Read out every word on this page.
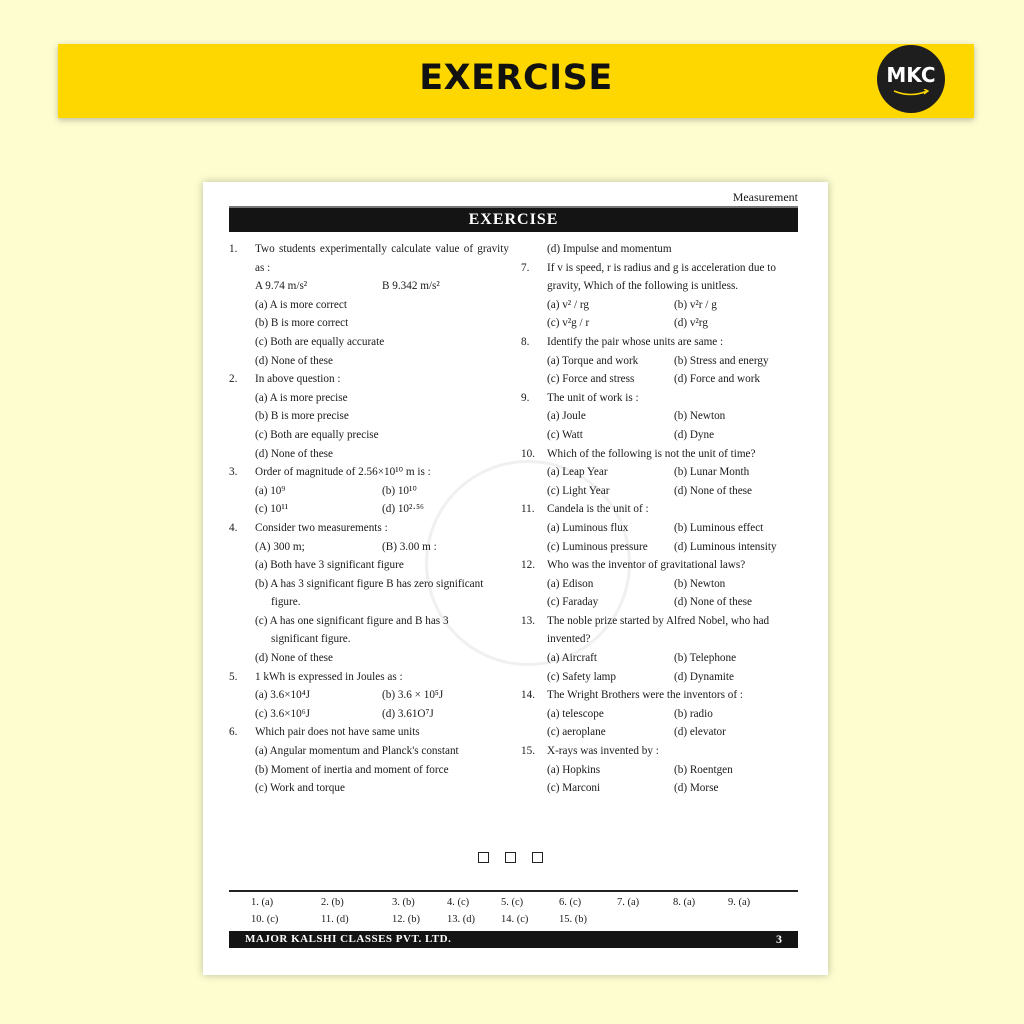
EXERCISE	MKC
Measurement
EXERCISE
1. Two students experimentally calculate value of gravity as :
A 9.74 m/s²	B 9.342 m/s²
(a) A is more correct
(b) B is more correct
(c) Both are equally accurate
(d) None of these
2. In above question :
(a) A is more precise
(b) B is more precise
(c) Both are equally precise
(d) None of these
3. Order of magnitude of 2.56×10¹⁰ m is :
(a) 10⁹	(b) 10¹⁰
(c) 10¹¹	(d) 10²·⁵⁶
4. Consider two measurements :
(A) 300 m;	(B) 3.00 m :
(a) Both have 3 significant figure
(b) A has 3 significant figure B has zero significant
figure.
(c) A has one significant figure and B has 3
significant figure.
(d) None of these
5. 1 kWh is expressed in Joules as :
(a) 3.6×10⁴J	(b) 3.6 × 10⁵J
(c) 3.6×10⁶J	(d) 3.61O⁷J
6. Which pair does not have same units
(a) Angular momentum and Planck's constant
(b) Moment of inertia and moment of force
(c) Work and torque
(d) Impulse and momentum
7. If v is speed, r is radius and g is acceleration due to gravity, Which of the following is unitless.
(a) v² / rg	(b) v²r / g
(c) v²g / r	(d) v²rg
8. Identify the pair whose units are same :
(a) Torque and work	(b) Stress and energy
(c) Force and stress	(d) Force and work
9. The unit of work is :
(a) Joule	(b) Newton
(c) Watt	(d) Dyne
10. Which of the following is not the unit of time?
(a) Leap Year	(b) Lunar Month
(c) Light Year	(d) None of these
11. Candela is the unit of :
(a) Luminous flux	(b) Luminous effect
(c) Luminous pressure	(d) Luminous intensity
12. Who was the inventor of gravitational laws?
(a) Edison	(b) Newton
(c) Faraday	(d) None of these
13. The noble prize started by Alfred Nobel, who had invented?
(a) Aircraft	(b) Telephone
(c) Safety lamp	(d) Dynamite
14. The Wright Brothers were the inventors of :
(a) telescope	(b) radio
(c) aeroplane	(d) elevator
15. X-rays was invented by :
(a) Hopkins	(b) Roentgen
(c) Marconi	(d) Morse
1. (a)	2. (b)	3. (b)	4. (c)	5. (c)	6. (c)	7. (a)	8. (a)	9. (a)
10. (c)	11. (d)	12. (b)	13. (d) 14. (c)	15. (b)
MAJOR KALSHI CLASSES PVT. LTD.	3
